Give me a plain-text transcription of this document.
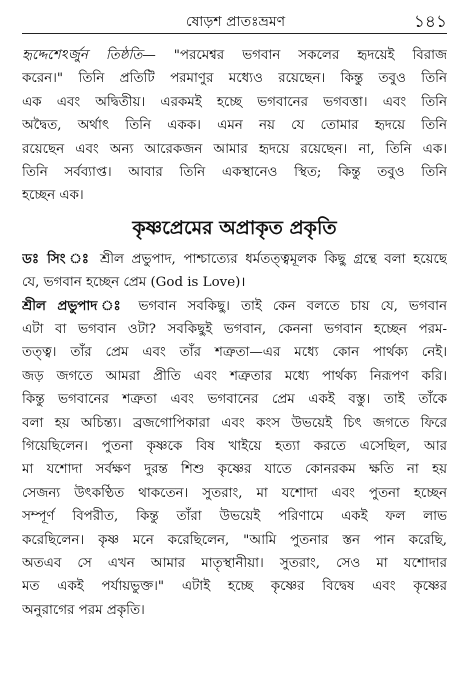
ষোড়শ প্রাতঃভ্রমণ	১৪১
হৃদ্দেশেঽর্জুন তিষ্ঠতি— "পরমেশ্বর ভগবান সকলের হৃদয়েই বিরাজ
করেন।" তিনি প্রতিটি পরমাণুর মধ্যেও রয়েছেন। কিন্তু তবুও তিনি
এক এবং অদ্বিতীয়। এরকমই হচ্ছে ভগবানের ভগবত্তা। এবং তিনি
অদ্বৈত, অর্থাৎ তিনি একক। এমন নয় যে তোমার হৃদয়ে তিনি
রয়েছেন এবং অন্য আরেকজন আমার হৃদয়ে রয়েছেন। না, তিনি এক।
তিনি সর্বব্যাপ্ত। আবার তিনি একস্থানেও স্থিত; কিন্তু তবুও তিনি
হচ্ছেন এক।
কৃষ্ণপ্রেমের অপ্রাকৃত প্রকৃতি
ডঃ সিং ঃ শ্রীল প্রভুপাদ, পাশ্চাত্যের ধর্মতত্ত্বমূলক কিছু গ্রন্থে বলা হয়েছে
যে, ভগবান হচ্ছেন প্রেম (God is Love)।
শ্রীল প্রভুপাদ ঃ ভগবান সবকিছু। তাই কেন বলতে চায় যে, ভগবান
এটা বা ভগবান ওটা? সবকিছুই ভগবান, কেননা ভগবান হচ্ছেন পরম-
তত্ত্ব। তাঁর প্রেম এবং তাঁর শত্রুতা—এর মধ্যে কোন পার্থক্য নেই।
জড় জগতে আমরা প্রীতি এবং শত্রুতার মধ্যে পার্থক্য নিরূপণ করি।
কিন্তু ভগবানের শত্রুতা এবং ভগবানের প্রেম একই বস্তু। তাই তাঁকে
বলা হয় অচিন্ত্য। ব্রজগোপিকারা এবং কংস উভয়েই চিৎ জগতে ফিরে
গিয়েছিলেন। পুতনা কৃষ্ণকে বিষ খাইয়ে হত্যা করতে এসেছিল, আর
মা যশোদা সর্বক্ষণ দুরন্ত শিশু কৃষ্ণের যাতে কোনরকম ক্ষতি না হয়
সেজন্য উৎকণ্ঠিত থাকতেন। সুতরাং, মা যশোদা এবং পুতনা হচ্ছেন
সম্পূর্ণ বিপরীত, কিন্তু তাঁরা উভয়েই পরিণামে একই ফল লাভ
করেছিলেন। কৃষ্ণ মনে করেছিলেন, "আমি পুতনার স্তন পান করেছি,
অতএব সে এখন আমার মাতৃস্থানীয়া। সুতরাং, সেও মা যশোদার
মত একই পর্যায়ভুক্ত।" এটাই হচ্ছে কৃষ্ণের বিদ্বেষ এবং কৃষ্ণের
অনুরাগের পরম প্রকৃতি।
